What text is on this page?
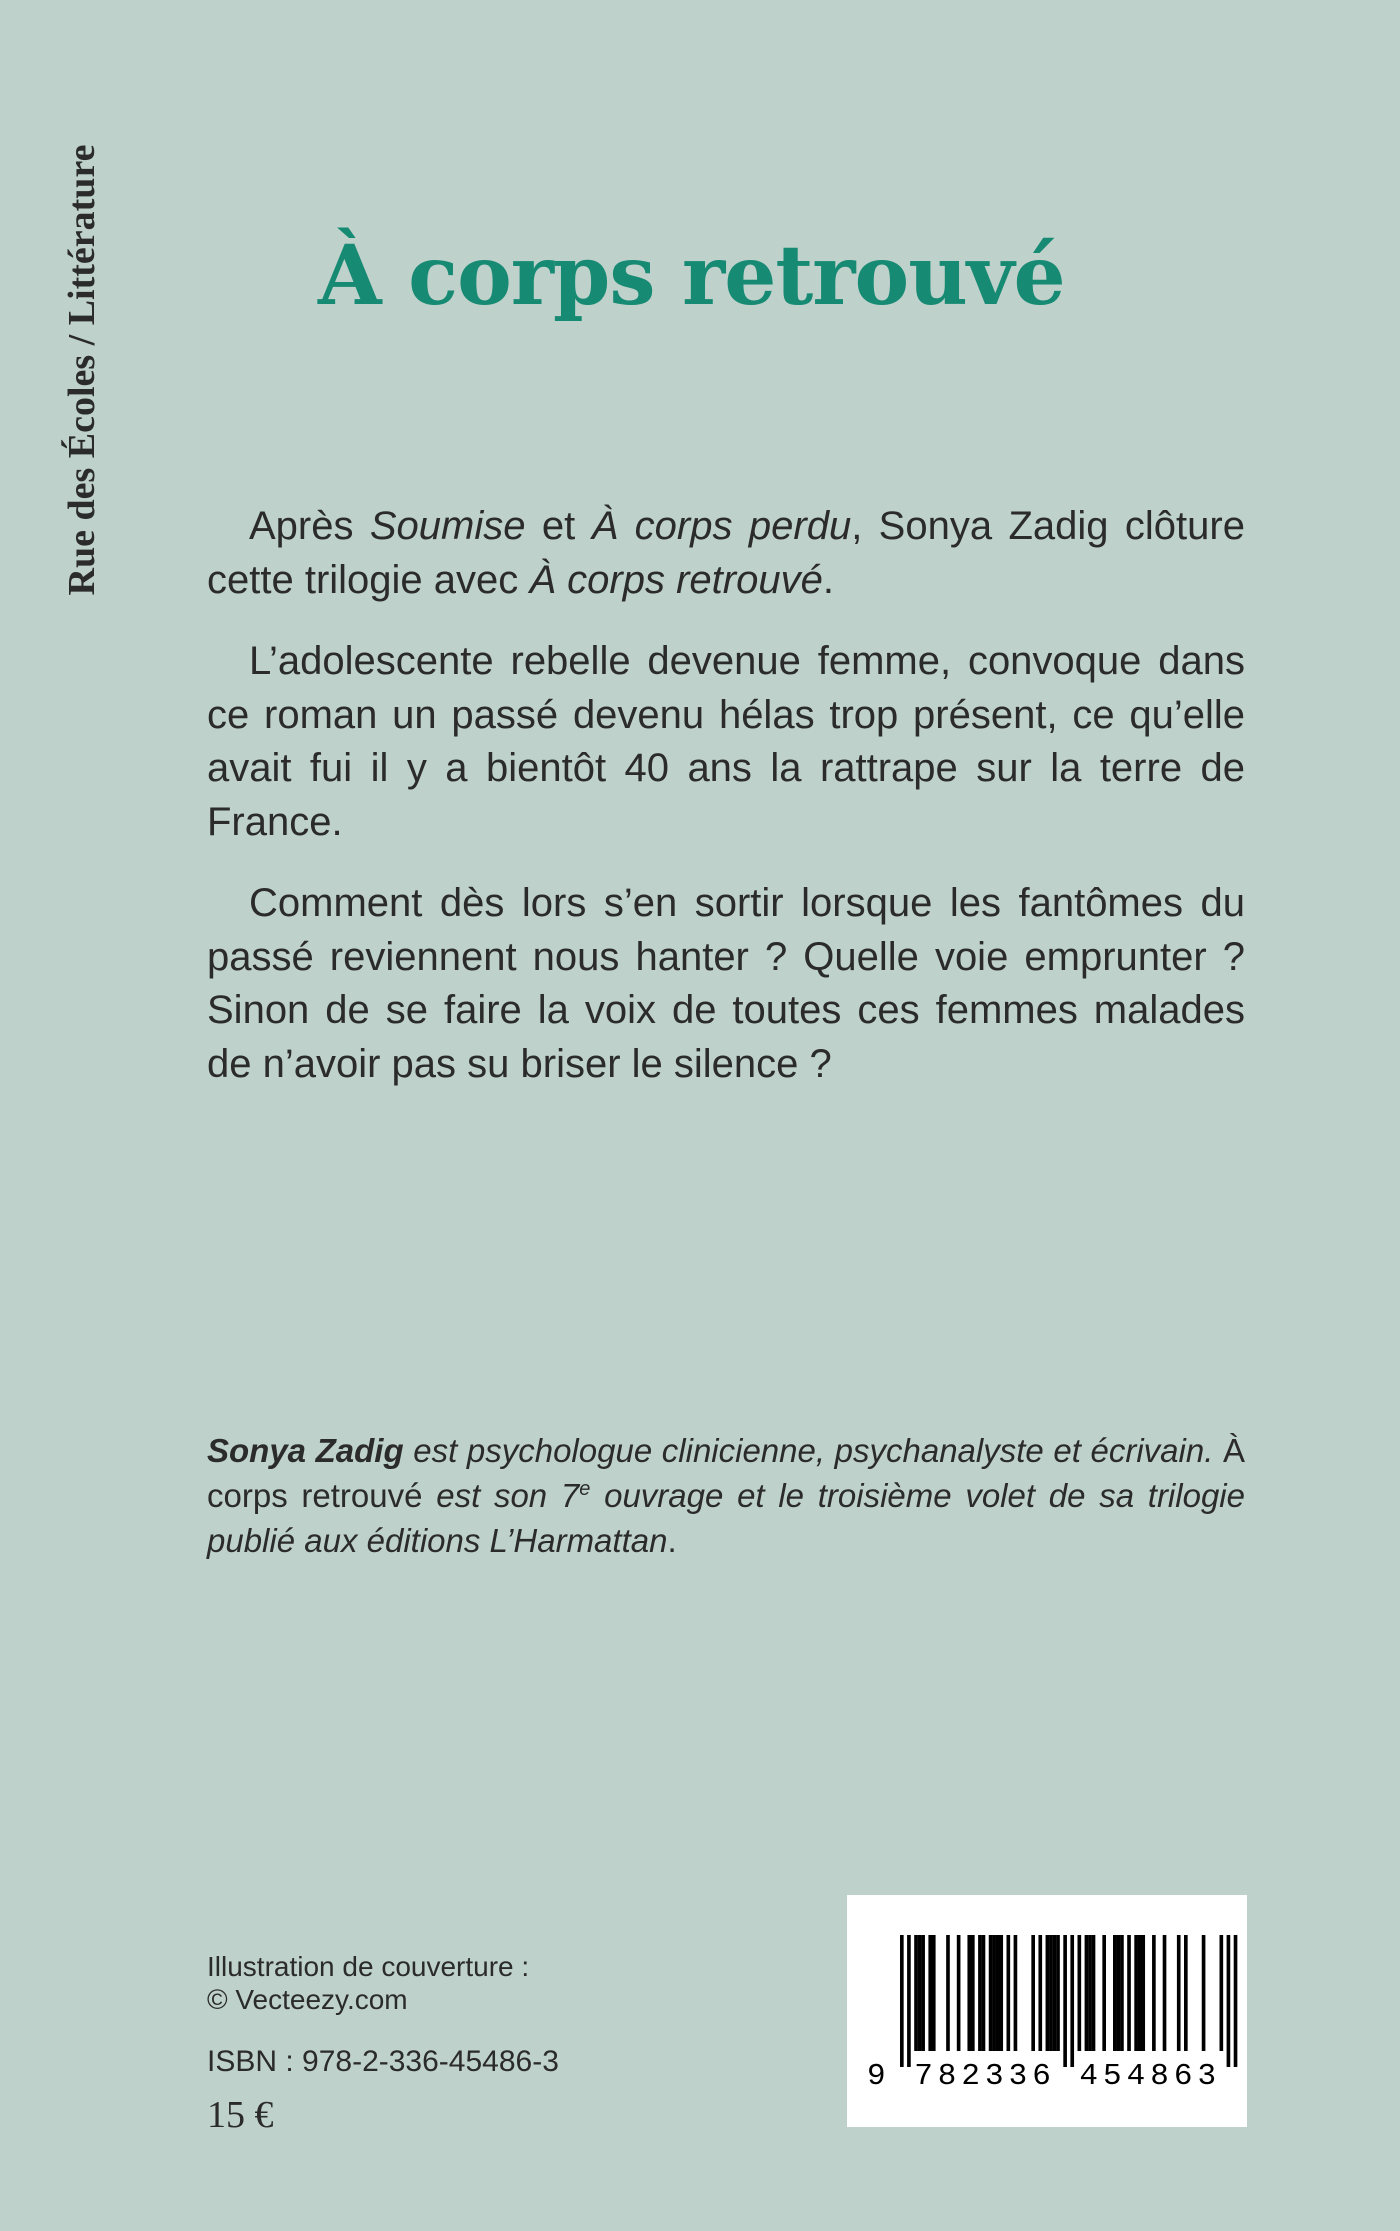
Rue des Écoles / Littérature	À corps retrouvé

Après Soumise et À corps perdu, Sonya Zadig clôture cette trilogie avec À corps retrouvé.

L’adolescente rebelle devenue femme, convoque dans ce roman un passé devenu hélas trop présent, ce qu’elle avait fui il y a bientôt 40 ans la rattrape sur la terre de France.

Comment dès lors s’en sortir lorsque les fantômes du passé reviennent nous hanter ? Quelle voie emprunter ? Sinon de se faire la voix de toutes ces femmes malades de n’avoir pas su briser le silence ?

Sonya Zadig est psychologue clinicienne, psychanalyste et écrivain. À corps retrouvé est son 7e ouvrage et le troisième volet de sa trilogie publié aux éditions L’Harmattan.
Illustration de couverture :
© Vecteezy.com
ISBN : 978-2-336-45486-3
15 €
9 782336 454863
